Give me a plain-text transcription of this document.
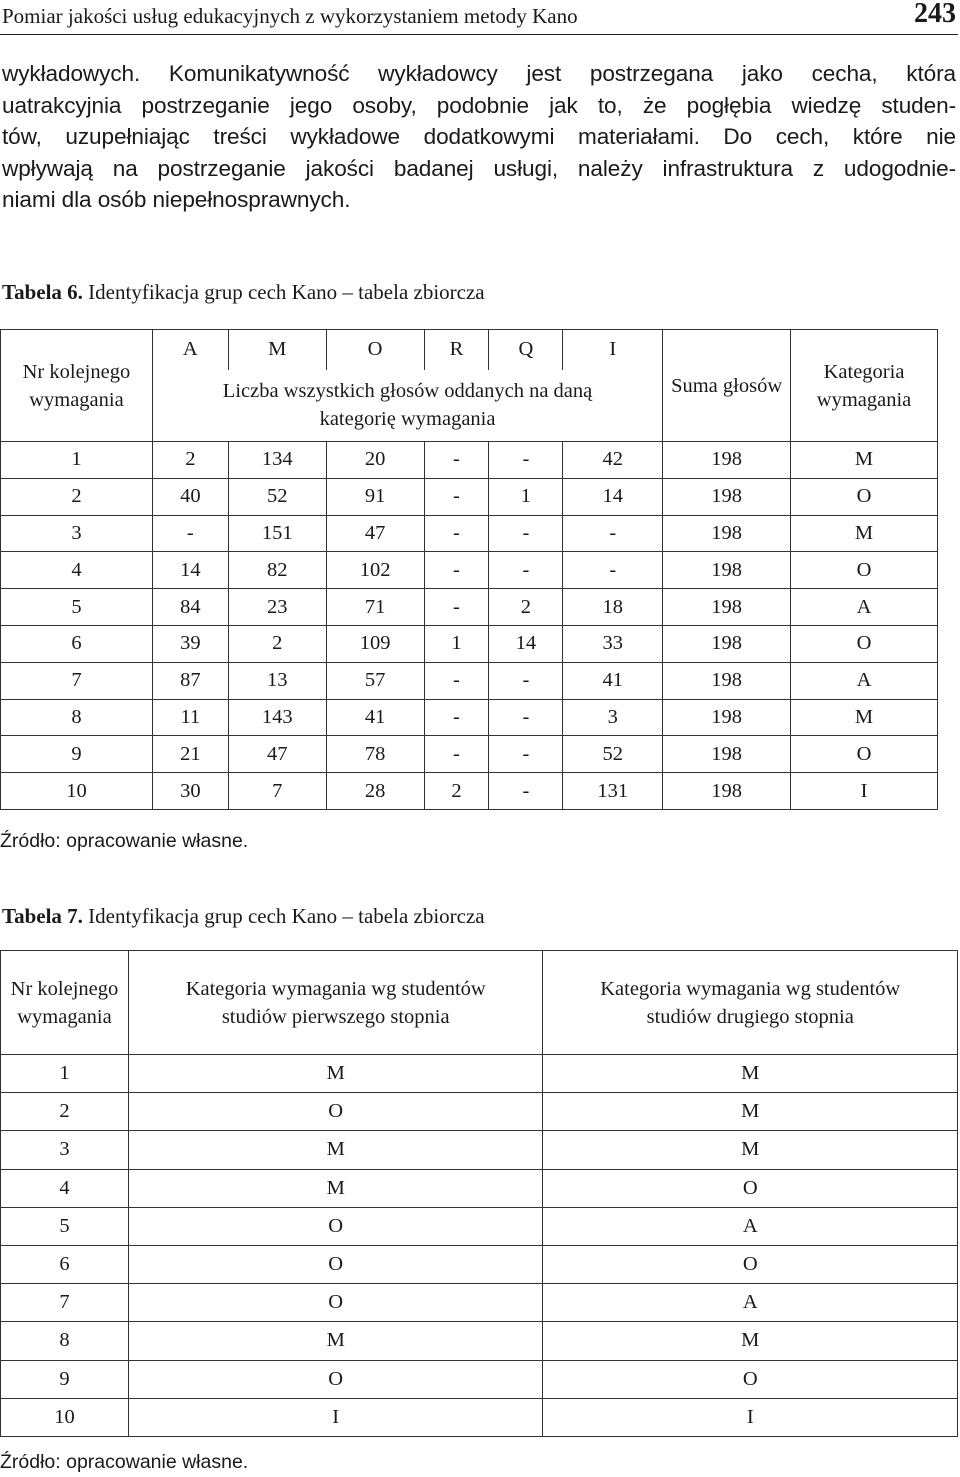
Pomiar jakości usług edukacyjnych z wykorzystaniem metody Kano	243
wykładowych. Komunikatywność wykładowcy jest postrzegana jako cecha, która
uatrakcyjnia postrzeganie jego osoby, podobnie jak to, że pogłębia wiedzę studen-
tów, uzupełniając treści wykładowe dodatkowymi materiałami. Do cech, które nie
wpływają na postrzeganie jakości badanej usługi, należy infrastruktura z udogodnie-
niami dla osób niepełnosprawnych.
Tabela 6. Identyfikacja grup cech Kano – tabela zbiorcza
Nr kolejnego wymagania	A	M	O	R	Q	I	Suma głosów	Kategoria wymagania
	Liczba wszystkich głosów oddanych na daną kategorię wymagania							
1	2	134	20	-	-	42	198	M
2	40	52	91	-	1	14	198	O
3	-	151	47	-	-	-	198	M
4	14	82	102	-	-	-	198	O
5	84	23	71	-	2	18	198	A
6	39	2	109	1	14	33	198	O
7	87	13	57	-	-	41	198	A
8	11	143	41	-	-	3	198	M
9	21	47	78	-	-	52	198	O
10	30	7	28	2	-	131	198	I
Źródło: opracowanie własne.
Tabela 7. Identyfikacja grup cech Kano – tabela zbiorcza
Nr kolejnego wymagania	Kategoria wymagania wg studentów studiów pierwszego stopnia	Kategoria wymagania wg studentów studiów drugiego stopnia
1	M	M
2	O	M
3	M	M
4	M	O
5	O	A
6	O	O
7	O	A
8	M	M
9	O	O
10	I	I
Źródło: opracowanie własne.
